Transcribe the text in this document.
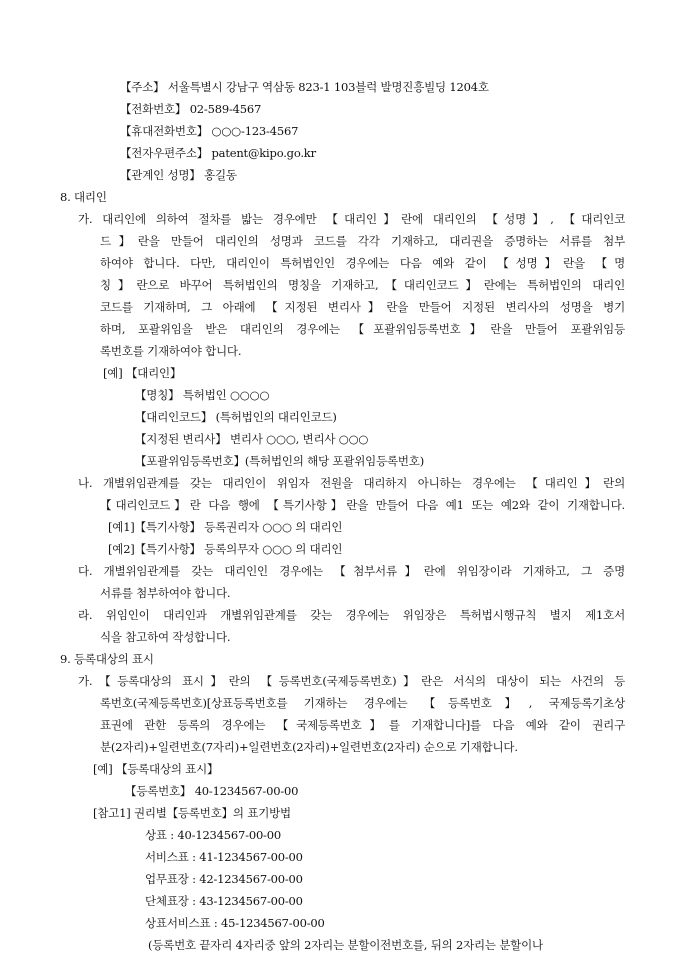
【주소】 서울특별시 강남구 역삼동 823-1 103블럭 발명진흥빌딩 1204호
【전화번호】 02-589-4567
【휴대전화번호】 ○○○-123-4567
【전자우편주소】 patent@kipo.go.kr
【관계인 성명】 홍길동
8. 대리인
가. 대리인에 의하여 절차를 밟는 경우에만 【대리인】란에 대리인의 【성명】, 【대리인코
드】란을 만들어 대리인의 성명과 코드를 각각 기재하고, 대리권을 증명하는 서류를 첨부
하여야 합니다. 다만, 대리인이 특허법인인 경우에는 다음 예와 같이 【성명】란을 【명
칭】란으로 바꾸어 특허법인의 명칭을 기재하고,【대리인코드】란에는 특허법인의 대리인
코드를 기재하며, 그 아래에 【지정된 변리사】란을 만들어 지정된 변리사의 성명을 병기
하며, 포괄위임을 받은 대리인의 경우에는 【포괄위임등록번호】란을 만들어 포괄위임등
록번호를 기재하여야 합니다.
[예] 【대리인】
【명칭】 특허법인 ○○○○
【대리인코드】 (특허법인의 대리인코드)
【지정된 변리사】 변리사 ○○○, 변리사 ○○○
【포괄위임등록번호】(특허법인의 해당 포괄위임등록번호)
나. 개별위임관계를 갖는 대리인이 위임자 전원을 대리하지 아니하는 경우에는 【대리인】란의
【대리인코드】란 다음 행에 【특기사항】란을 만들어 다음 예1 또는 예2와 같이 기재합니다.
[예1]【특기사항】 등록권리자 ○○○ 의 대리인
[예2]【특기사항】 등록의무자 ○○○ 의 대리인
다. 개별위임관계를 갖는 대리인인 경우에는 【첨부서류】란에 위임장이라 기재하고, 그 증명
서류를 첨부하여야 합니다.
라. 위임인이 대리인과 개별위임관계를 갖는 경우에는 위임장은 특허법시행규칙 별지 제1호서
식을 참고하여 작성합니다.
9. 등록대상의 표시
가.【등록대상의 표시】란의 【등록번호(국제등록번호)】란은 서식의 대상이 되는 사건의 등
록번호(국제등록번호)[상표등록번호를 기재하는 경우에는 【등록번호】, 국제등록기초상
표권에 관한 등록의 경우에는 【국제등록번호】를 기재합니다]를 다음 예와 같이 권리구
분(2자리)+일련번호(7자리)+일련번호(2자리)+일련번호(2자리) 순으로 기재합니다.
[예] 【등록대상의 표시】
【등록번호】 40-1234567-00-00
[참고1] 권리별【등록번호】의 표기방법
상표 : 40-1234567-00-00
서비스표 : 41-1234567-00-00
업무표장 : 42-1234567-00-00
단체표장 : 43-1234567-00-00
상표서비스표 : 45-1234567-00-00
(등록번호 끝자리 4자리중 앞의 2자리는 분할이전번호를, 뒤의 2자리는 분할이나
